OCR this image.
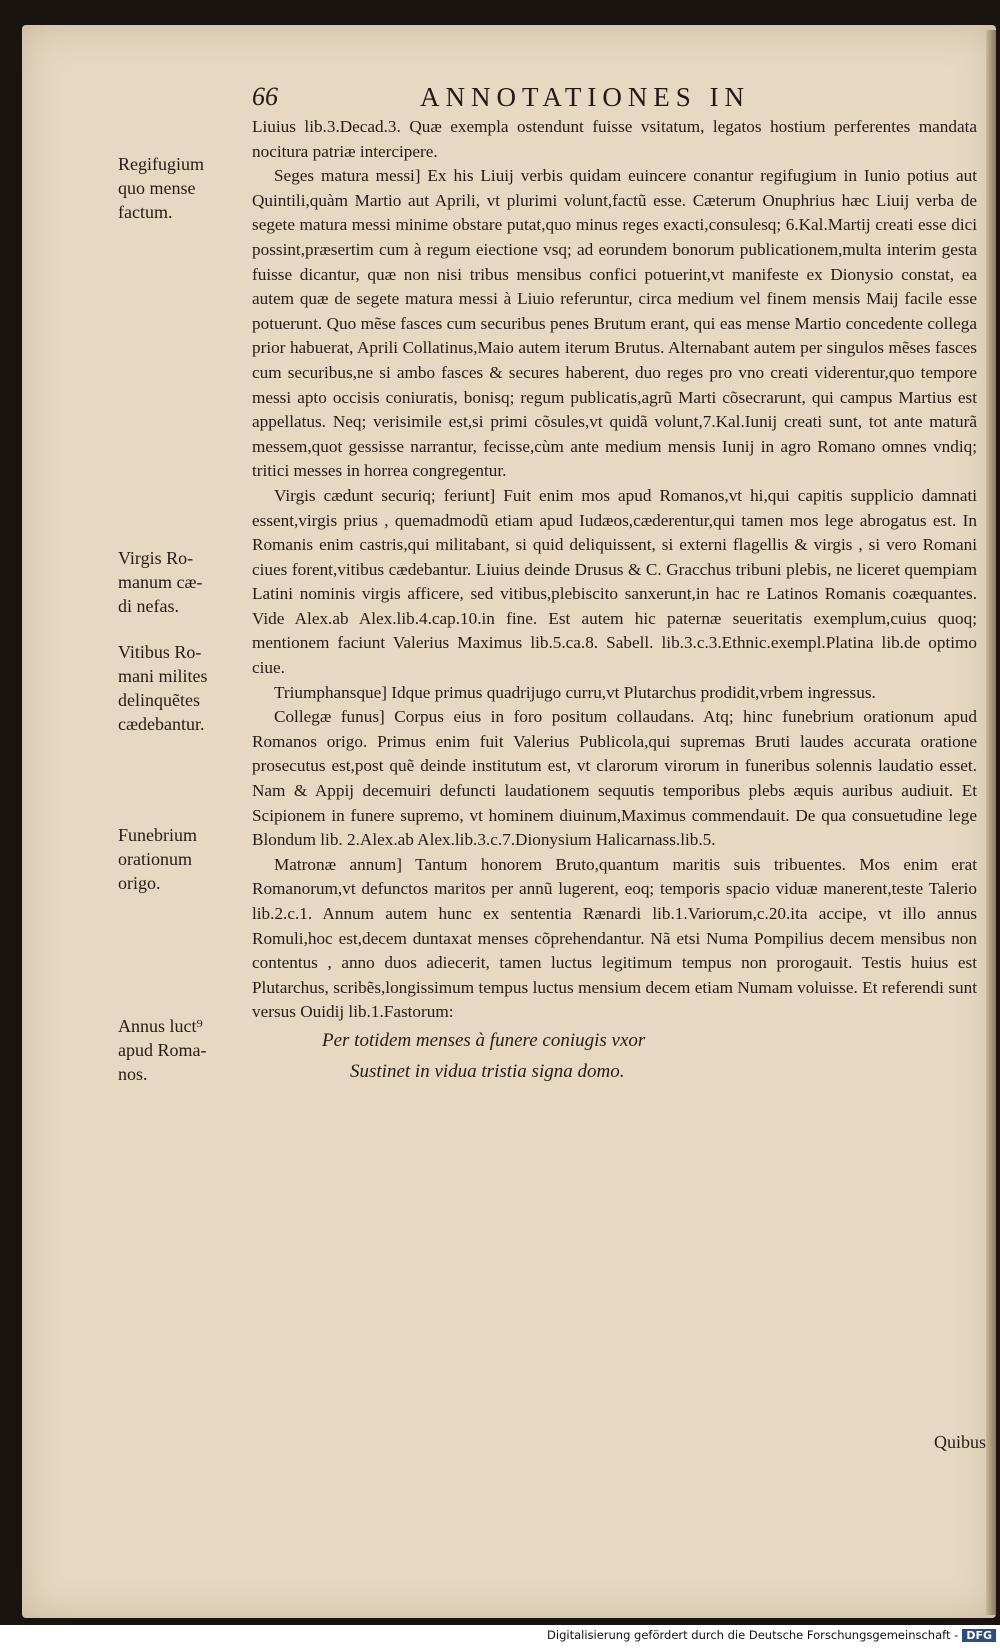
66	ANNOTATIONES IN
Regifugium
quo mense
factum.
Virgis Ro-
manum cæ-
di nefas.
Vitibus Ro-
mani milites
delinquẽtes
cædebantur.
Funebrium
orationum
origo.
Annus luct⁹
apud Roma-
nos.

Liuius lib.3.Decad.3. Quæ exempla ostendunt fuisse vsitatum, legatos hostium perferentes mandata nocitura patriæ intercipere.

Seges matura messi] Ex his Liuij verbis quidam euincere conantur regifugium in Iunio potius aut Quintili,quàm Martio aut Aprili, vt plurimi volunt,factũ esse. Cæterum Onuphrius hæc Liuij verba de segete matura messi minime obstare putat,quo minus reges exacti,consulesq; 6.Kal.Martij creati esse dici possint,præsertim cum à regum eiectione vsq; ad eorundem bonorum publicationem,multa interim gesta fuisse dicantur, quæ non nisi tribus mensibus confici potuerint,vt manifeste ex Dionysio constat, ea autem quæ de segete matura messi à Liuio referuntur, circa medium vel finem mensis Maij facile esse potuerunt. Quo mẽse fasces cum securibus penes Brutum erant, qui eas mense Martio concedente collega prior habuerat, Aprili Collatinus,Maio autem iterum Brutus. Alternabant autem per singulos mẽses fasces cum securibus,ne si ambo fasces & secures haberent, duo reges pro vno creati viderentur,quo tempore messi apto occisis coniuratis, bonisq; regum publicatis,agrũ Marti cõsecrarunt, qui campus Martius est appellatus. Neq; verisimile est,si primi cõsules,vt quidã volunt,7.Kal.Iunij creati sunt, tot ante maturã messem,quot gessisse narrantur, fecisse,cùm ante medium mensis Iunij in agro Romano omnes vndiq; tritici messes in horrea congregentur.

Virgis cædunt securiq; feriunt] Fuit enim mos apud Romanos,vt hi,qui capitis supplicio damnati essent,virgis prius , quemadmodũ etiam apud Iudæos,cæderentur,qui tamen mos lege abrogatus est. In Romanis enim castris,qui militabant, si quid deliquissent, si externi flagellis & virgis , si vero Romani ciues forent,vitibus cædebantur. Liuius deinde Drusus & C. Gracchus tribuni plebis, ne liceret quempiam Latini nominis virgis afficere, sed vitibus,plebiscito sanxerunt,in hac re Latinos Romanis coæquantes. Vide Alex.ab Alex.lib.4.cap.10.in fine. Est autem hic paternæ seueritatis exemplum,cuius quoq; mentionem faciunt Valerius Maximus lib.5.ca.8. Sabell. lib.3.c.3.Ethnic.exempl.Platina lib.de optimo ciue.

Triumphansque] Idque primus quadrijugo curru,vt Plutarchus prodidit,vrbem ingressus.

Collegæ funus] Corpus eius in foro positum collaudans. Atq; hinc funebrium orationum apud Romanos origo. Primus enim fuit Valerius Publicola,qui supremas Bruti laudes accurata oratione prosecutus est,post quẽ deinde institutum est, vt clarorum virorum in funeribus solennis laudatio esset. Nam & Appij decemuiri defuncti laudationem sequutis temporibus plebs æquis auribus audiuit. Et Scipionem in funere supremo, vt hominem diuinum,Maximus commendauit. De qua consuetudine lege Blondum lib. 2.Alex.ab Alex.lib.3.c.7.Dionysium Halicarnass.lib.5.

Matronæ annum] Tantum honorem Bruto,quantum maritis suis tribuentes. Mos enim erat Romanorum,vt defunctos maritos per annũ lugerent, eoq; temporis spacio viduæ manerent,teste Talerio lib.2.c.1. Annum autem hunc ex sententia Rænardi lib.1.Variorum,c.20.ita accipe, vt illo annus Romuli,hoc est,decem duntaxat menses cõprehendantur. Nã etsi Numa Pompilius decem mensibus non contentus , anno duos adiecerit, tamen luctus legitimum tempus non prorogauit. Testis huius est Plutarchus, scribẽs,longissimum tempus luctus mensium decem etiam Numam voluisse. Et referendi sunt versus Ouidij lib.1.Fastorum:

Per totidem menses à funere coniugis vxor
Sustinet in vidua tristia signa domo.
Quibus
Digitalisierung gefördert durch die Deutsche Forschungsgemeinschaft - DFG
